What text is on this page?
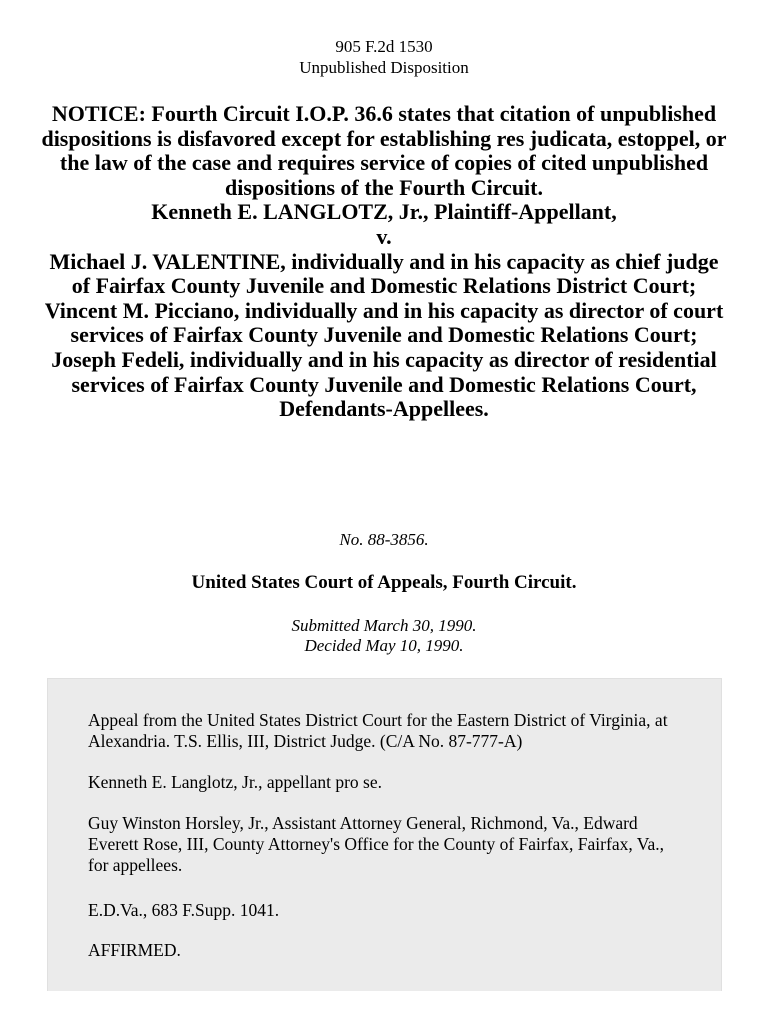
905 F.2d 1530
Unpublished Disposition

NOTICE: Fourth Circuit I.O.P. 36.6 states that citation of unpublished dispositions is disfavored except for establishing res judicata, estoppel, or the law of the case and requires service of copies of cited unpublished dispositions of the Fourth Circuit.

Kenneth E. LANGLOTZ, Jr., Plaintiff-Appellant,

v.

Michael J. VALENTINE, individually and in his capacity as chief judge of Fairfax County Juvenile and Domestic Relations District Court; Vincent M. Picciano, individually and in his capacity as director of court services of Fairfax County Juvenile and Domestic Relations Court; Joseph Fedeli, individually and in his capacity as director of residential services of Fairfax County Juvenile and Domestic Relations Court, Defendants-Appellees.

No. 88-3856.
United States Court of Appeals, Fourth Circuit.
Submitted March 30, 1990.
Decided May 10, 1990.

Appeal from the United States District Court for the Eastern District of Virginia, at Alexandria. T.S. Ellis, III, District Judge. (C/A No. 87-777-A)

Kenneth E. Langlotz, Jr., appellant pro se.

Guy Winston Horsley, Jr., Assistant Attorney General, Richmond, Va., Edward Everett Rose, III, County Attorney's Office for the County of Fairfax, Fairfax, Va., for appellees.

E.D.Va., 683 F.Supp. 1041.

AFFIRMED.
